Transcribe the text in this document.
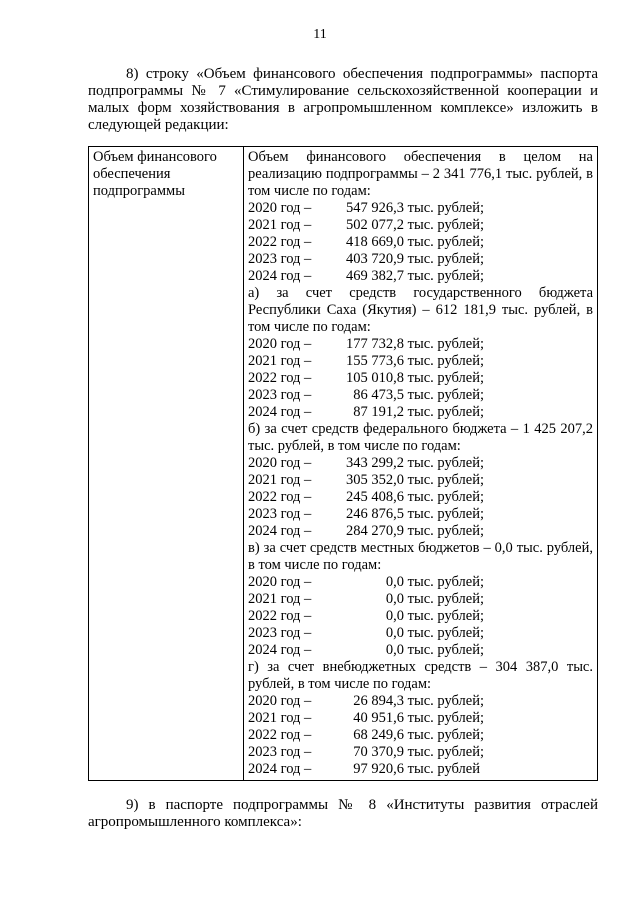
11
8) строку «Объем финансового обеспечения подпрограммы» паспорта подпрограммы № 7 «Стимулирование сельскохозяйственной кооперации и малых форм хозяйствования в агропромышленном комплексе» изложить в следующей редакции:
Объем финансового обеспечения подпрограммы	
Объем финансового обеспечения в целом на реализацию подпрограммы – 2 341 776,1 тыс. рублей, в том числе по годам:
2020 год – 547 926,3 тыс. рублей;
2021 год – 502 077,2 тыс. рублей;
2022 год – 418 669,0 тыс. рублей;
2023 год – 403 720,9 тыс. рублей;
2024 год – 469 382,7 тыс. рублей;
а) за счет средств государственного бюджета Республики Саха (Якутия) – 612 181,9 тыс. рублей, в том числе по годам:
2020 год – 177 732,8 тыс. рублей;
2021 год – 155 773,6 тыс. рублей;
2022 год – 105 010,8 тыс. рублей;
2023 год –	86 473,5 тыс. рублей;
2024 год –	87 191,2 тыс. рублей;
б) за счет средств федерального бюджета – 1 425 207,2 тыс. рублей, в том числе по годам:
2020 год – 343 299,2 тыс. рублей;
2021 год – 305 352,0 тыс. рублей;
2022 год – 245 408,6 тыс. рублей;
2023 год – 246 876,5 тыс. рублей;
2024 год – 284 270,9 тыс. рублей;
в) за счет средств местных бюджетов – 0,0 тыс. рублей, в том числе по годам:
2020 год –	0,0 тыс. рублей;
2021 год –	0,0 тыс. рублей;
2022 год –	0,0 тыс. рублей;
2023 год –	0,0 тыс. рублей;
2024 год –	0,0 тыс. рублей;
г) за счет внебюджетных средств – 304 387,0 тыс. рублей, в том числе по годам:
2020 год –	26 894,3 тыс. рублей;
2021 год –	40 951,6 тыс. рублей;
2022 год –	68 249,6 тыс. рублей;
2023 год –	70 370,9 тыс. рублей;
2024 год –	97 920,6 тыс. рублей
9) в паспорте подпрограммы № 8 «Институты развития отраслей агропромышленного комплекса»:
